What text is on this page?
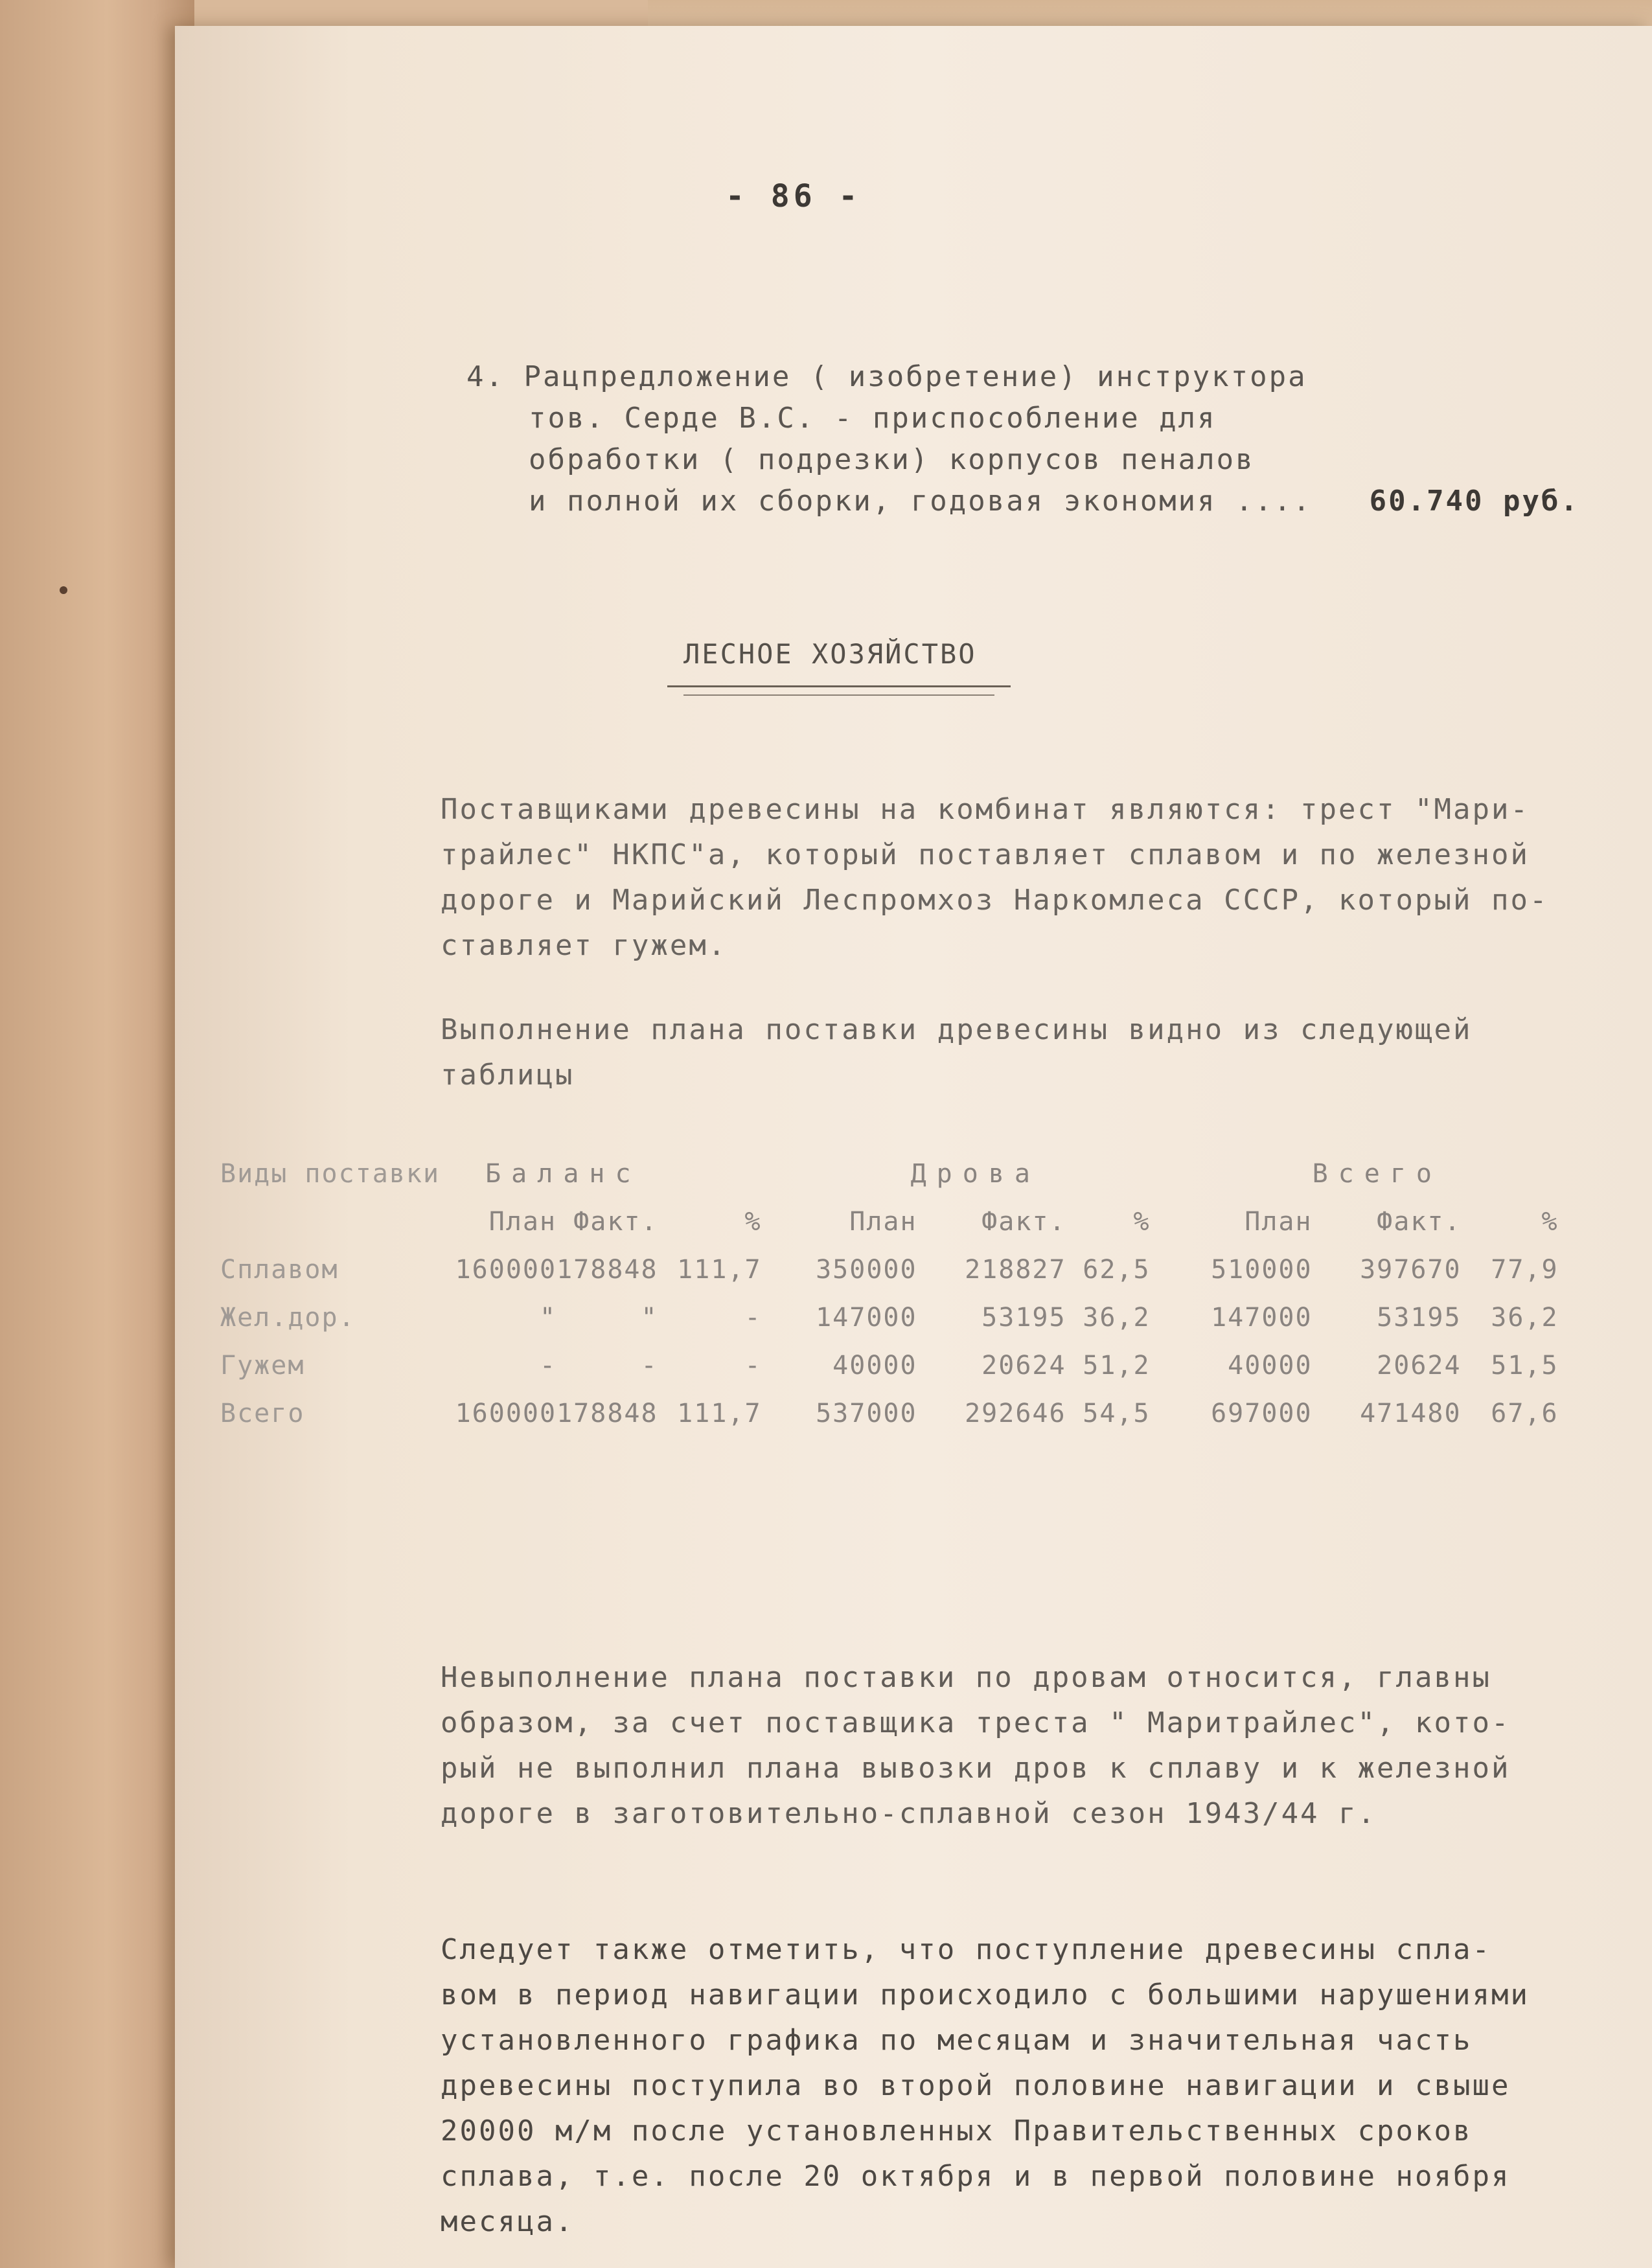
- 86 -
4. Рацпредложение ( изобретение) инструктора
тов. Серде В.С. - приспособление для
обработки ( подрезки) корпусов пеналов
и полной их сборки, годовая экономия .... 60.740 руб.
ЛЕСНОЕ ХОЗЯЙСТВО
Поставщиками древесины на комбинат являются: трест "Мари-
трайлес" НКПС"а, который поставляет сплавом и по железной
дороге и Марийский Леспромхоз Наркомлеса СССР, который по-
ставляет гужем.
Выполнение плана поставки древесины видно из следующей
таблицы
Виды поставки	Баланс			Дрова			Всего		
	План	Факт.	%	План	Факт.	%	План	Факт.	%
Сплавом	160000	178848	111,7	350000	218827	62,5	510000	397670	77,9
Жел.дор.	"	"	-	147000	53195	36,2	147000	53195	36,2
Гужем	-	-	-	40000	20624	51,2	40000	20624	51,5
Всего	160000	178848	111,7	537000	292646	54,5	697000	471480	67,6
Невыполнение плана поставки по дровам относится, главны
образом, за счет поставщика треста " Маритрайлес", кото-
рый не выполнил плана вывозки дров к сплаву и к железной
дороге в заготовительно-сплавной сезон 1943/44 г.
Следует также отметить, что поступление древесины спла-
вом в период навигации происходило с большими нарушениями
установленного графика по месяцам и значительная часть
древесины поступила во второй половине навигации и свыше
20000 м/м после установленных Правительственных сроков
сплава, т.е. после 20 октября и в первой половине ноября
месяца.
